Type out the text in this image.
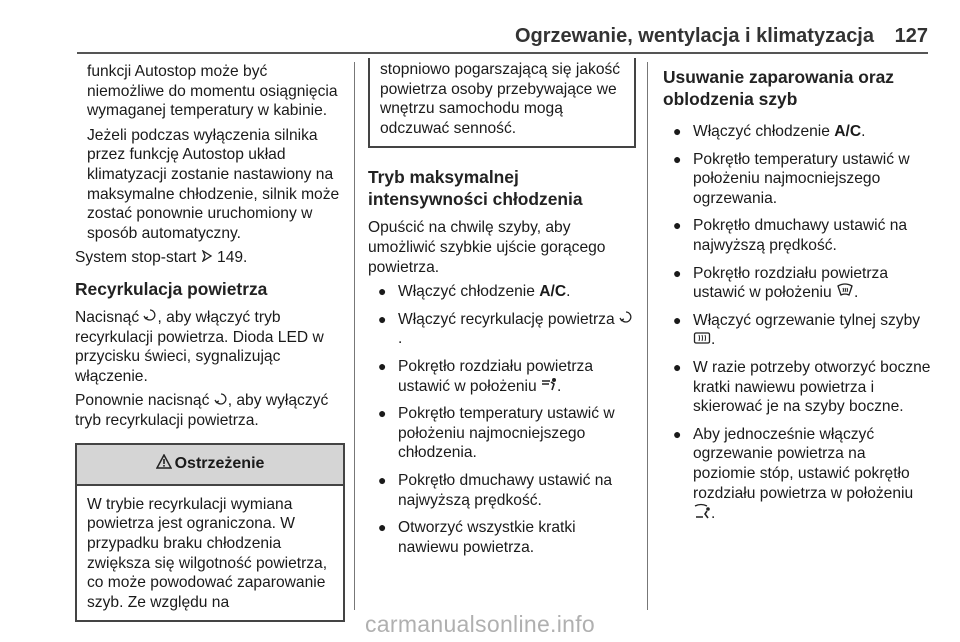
Ogrzewanie, wentylacja i klimatyzacja 127

funkcji Autostop może być niemożliwe do momentu osiągnięcia wymaganej temperatury w kabinie.

Jeżeli podczas wyłączenia silnika przez funkcję Autostop układ klimatyzacji zostanie nastawiony na maksymalne chłodzenie, silnik może zostać ponownie uruchomiony w sposób automatyczny.

System stop-start 149.

Recyrkulacja powietrza

Nacisnąć , aby włączyć tryb recyrkulacji powietrza. Dioda LED w przycisku świeci, sygnalizując włączenie.

Ponownie nacisnąć , aby wyłączyć tryb recyrkulacji powietrza.

Ostrzeżenie
W trybie recyrkulacji wymiana powietrza jest ograniczona. W przypadku braku chłodzenia zwiększa się wilgotność powietrza, co może powodować zaparowanie szyb. Ze względu na
stopniowo pogarszającą się jakość powietrza osoby przebywające we wnętrzu samochodu mogą odczuwać senność.
Tryb maksymalnej intensywności chłodzenia

Opuścić na chwilę szyby, aby umożliwić szybkie ujście gorącego powietrza.

● Włączyć chłodzenie A/C.
● Włączyć recyrkulację powietrza .
● Pokrętło rozdziału powietrza ustawić w położeniu .
● Pokrętło temperatury ustawić w położeniu najmocniejszego chłodzenia.
● Pokrętło dmuchawy ustawić na najwyższą prędkość.
● Otworzyć wszystkie kratki nawiewu powietrza.
Usuwanie zaparowania oraz oblodzenia szyb
● Włączyć chłodzenie A/C.
● Pokrętło temperatury ustawić w położeniu najmocniejszego ogrzewania.
● Pokrętło dmuchawy ustawić na najwyższą prędkość.
● Pokrętło rozdziału powietrza ustawić w położeniu .
● Włączyć ogrzewanie tylnej szyby .
● W razie potrzeby otworzyć boczne kratki nawiewu powietrza i skierować je na szyby boczne.
● Aby jednocześnie włączyć ogrzewanie powietrza na poziomie stóp, ustawić pokrętło rozdziału powietrza w położeniu
.
carmanualsonline.info
